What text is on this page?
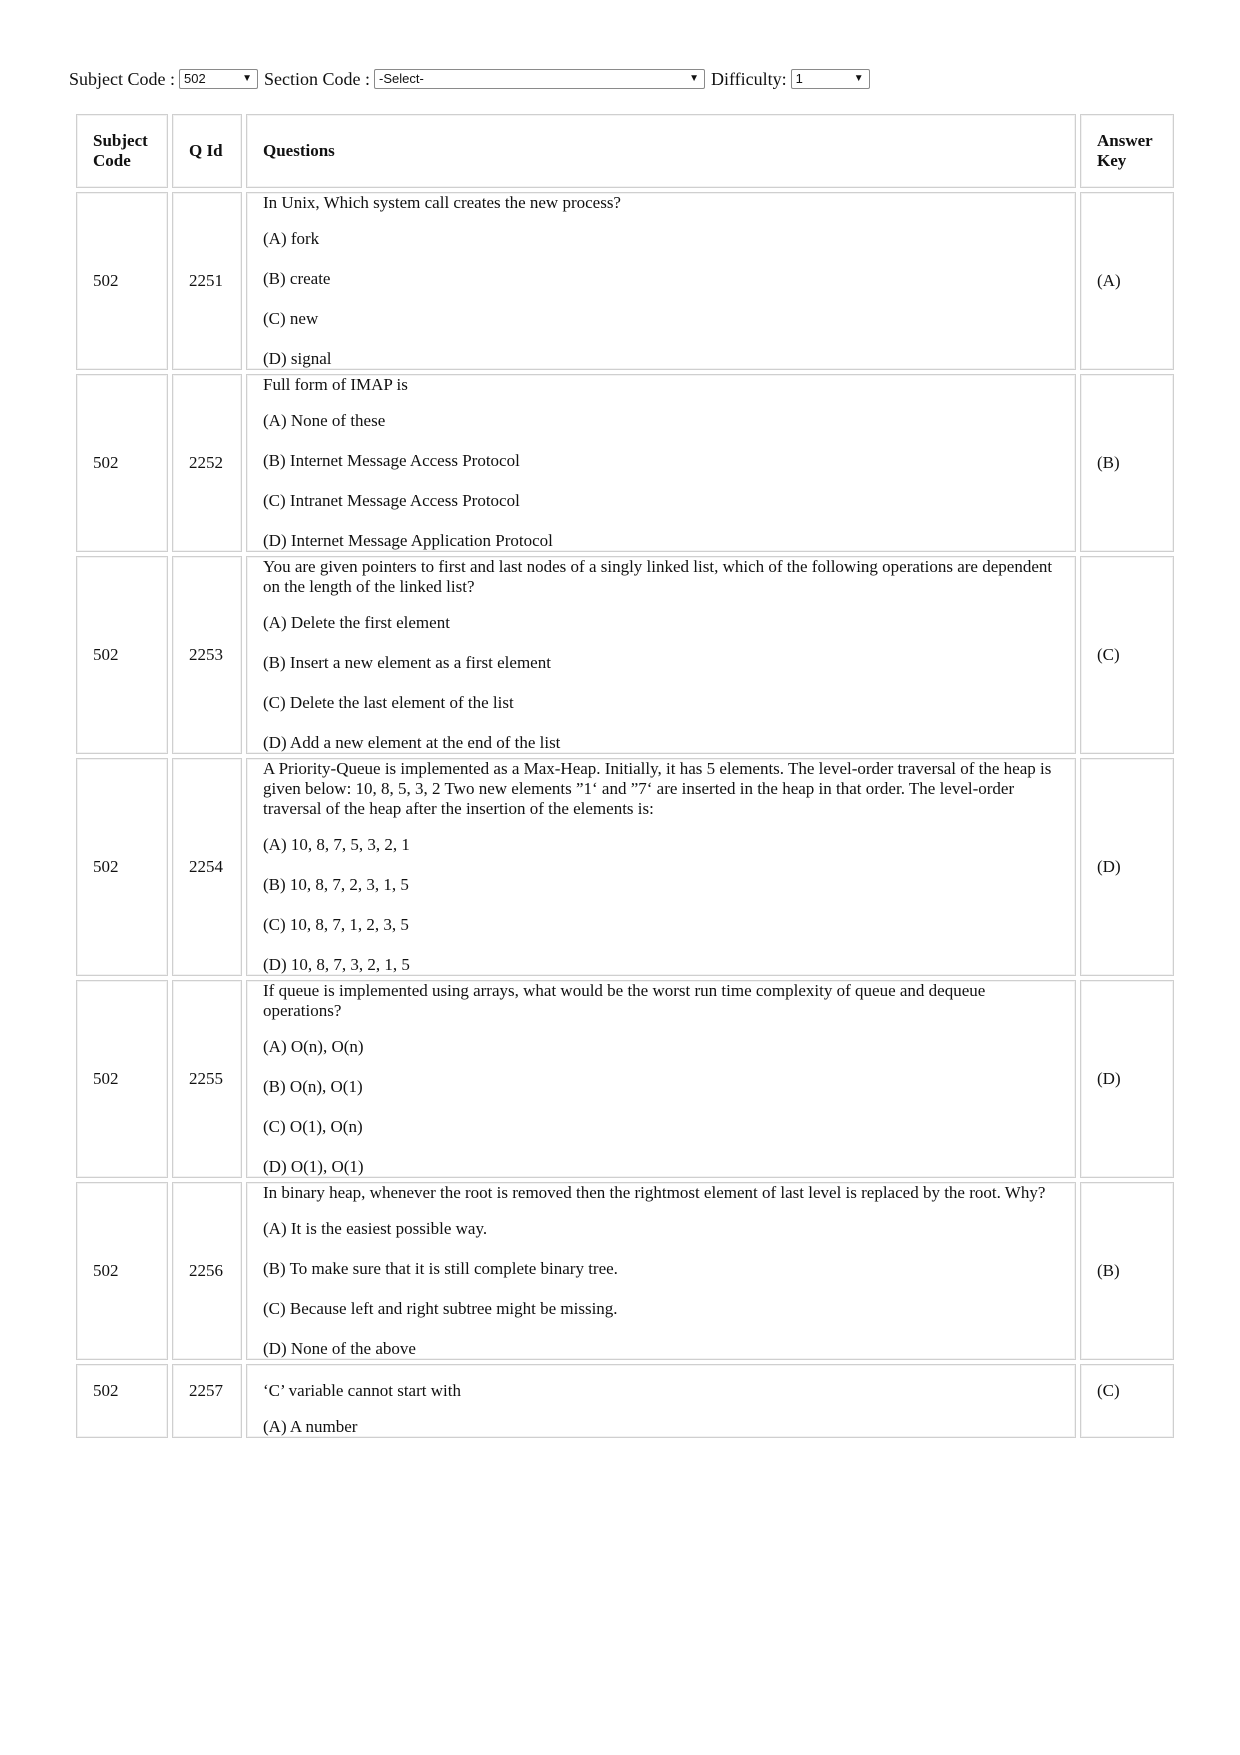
Subject Code : 502	▼ Section Code : -Select-	▼ Difficulty: 1	▼
Subject Code	Q Id	Questions	Answer Key
502	2251	In Unix, Which system call creates the new process?

(A) fork

(B) create

(C) new

(D) signal	(A)
502	2252	Full form of IMAP is

(A) None of these

(B) Internet Message Access Protocol

(C) Intranet Message Access Protocol

(D) Internet Message Application Protocol	(B)
502	2253	You are given pointers to first and last nodes of a singly linked list, which of the following operations are dependent on the length of the linked list?

(A) Delete the first element

(B) Insert a new element as a first element

(C) Delete the last element of the list

(D) Add a new element at the end of the list	(C)
502	2254	A Priority-Queue is implemented as a Max-Heap. Initially, it has 5 elements. The level-order traversal of the heap is given below: 10, 8, 5, 3, 2 Two new elements ”1‘ and ”7‘ are inserted in the heap in that order. The level-order traversal of the heap after the insertion of the elements is:

(A) 10, 8, 7, 5, 3, 2, 1

(B) 10, 8, 7, 2, 3, 1, 5

(C) 10, 8, 7, 1, 2, 3, 5

(D) 10, 8, 7, 3, 2, 1, 5	(D)
502	2255	If queue is implemented using arrays, what would be the worst run time complexity of queue and dequeue operations?

(A) O(n), O(n)

(B) O(n), O(1)

(C) O(1), O(n)

(D) O(1), O(1)	(D)
502	2256	In binary heap, whenever the root is removed then the rightmost element of last level is replaced by the root. Why?

(A) It is the easiest possible way.

(B) To make sure that it is still complete binary tree.

(C) Because left and right subtree might be missing.

(D) None of the above	(B)
502	2257	‘C’ variable cannot start with

(A) A number	(C)
